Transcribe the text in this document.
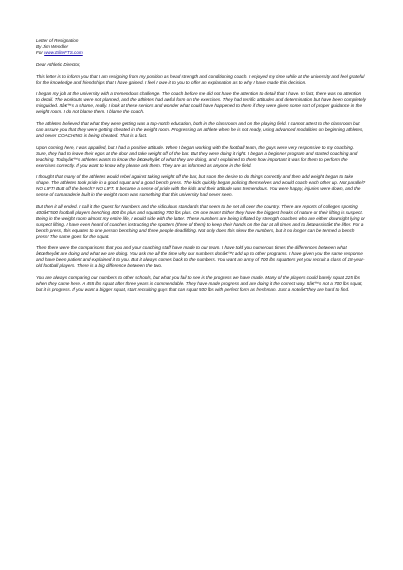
Letter of Resignation
By Jim Wendler
For www.EliteFTS.com
Dear Athletic Director,
This letter is to inform you that I am resigning from my position as head strength and conditioning coach. I enjoyed my time while at the university and feel grateful for the knowledge and friendships that I have gained. I feel I owe it to you to offer an explanation as to why I have made this decision.
I began my job at the university with a tremendous challenge. The coach before me did not have the attention to detail that I have. In fact, there was no attention to detail. The workouts were not planned, and the athletes had awful form on the exercises. They had terrific attitudes and determination but have been completely misguided. Itâ€™s a shame, really. I look at these seniors and wonder what could have happened to them if they were given some sort of proper guidance in the weight room. I do not blame them. I blame the coach.
The athletes believed that what they were getting was a top-notch education, both in the classroom and on the playing field. I cannot attest to the classroom but can assure you that they were getting cheated in the weight room. Progressing an athlete when he is not ready, using advanced modalities on beginning athletes, and never COACHING is being cheated. That is a fact.
Upon coming here, I was appalled, but I had a positive attitude. When I began working with the football team, the guys were very responsive to my coaching. Sure, they had to leave their egos at the door and take weight off of the bar. But they were doing it right. I began a beginner program and started coaching and teaching. Todayâ€™s athletes wants to know the â€œwhyâ€ of what they are doing, and I explained to them how important it was for them to perform the exercises correctly. If you want to know why please ask them. They are as informed as anyone in the field.
I thought that many of the athletes would rebel against taking weight off the bar, but soon the desire to do things correctly and then add weight began to take shape. The athletes took pride in a good squat and a good bench press. The kids quickly began policing themselves and would coach each other up. Not parallel? NO LIFT! Butt off the bench? NO LIFT. It became a sense of pride with the kids and their attitude was tremendous. You were happy, injuries were down, and the sense of camaraderie built in the weight room was something that this university had never seen.
But then it all ended. I call it the Quest for Numbers and the ridiculous standards that seem to be set all over the country. There are reports of colleges sporting 400â€“500 football players benching 400 lbs plus and squatting 700 lbs plus. On one team! Either they have the biggest freaks of nature or their lifting is suspect. Being in the weight room almost my entire life, I would side with the latter. These numbers are being inflated by strength coaches who are either downright lying or suspect lifting. I have even heard of coaches instructing the spotters (three of them) to keep their hands on the bar at all times and to â€œassistâ€ the lifter. For a bench press, this equates to one person benching and three people deadlifting. Not only does this skew the numbers, but it no longer can be termed a bench press! The same goes for the squat.
Then there were the comparisons that you and your coaching staff have made to our team. I have told you numerous times the differences between what â€œtheyâ€ are doing and what we are doing. You ask me all the time why our numbers donâ€™t add up to other programs. I have given you the same response and have been patient and explained it to you. But it always comes back to the numbers. You want an army of 700 lbs squatters yet you recruit a class of 18-year-old football players. There is a big difference between the two.
You are always comparing our numbers to other schools, but what you fail to see is the progress we have made. Many of the players could barely squat 225 lbs when they came here. A 455 lbs squat after three years is commendable. They have made progress and are doing it the correct way. Itâ€™s not a 700 lbs squat, but it is progress. If you want a bigger squat, start recruiting guys that can squat 500 lbs with perfect form as freshman. Just a noteâ€”they are hard to find.
